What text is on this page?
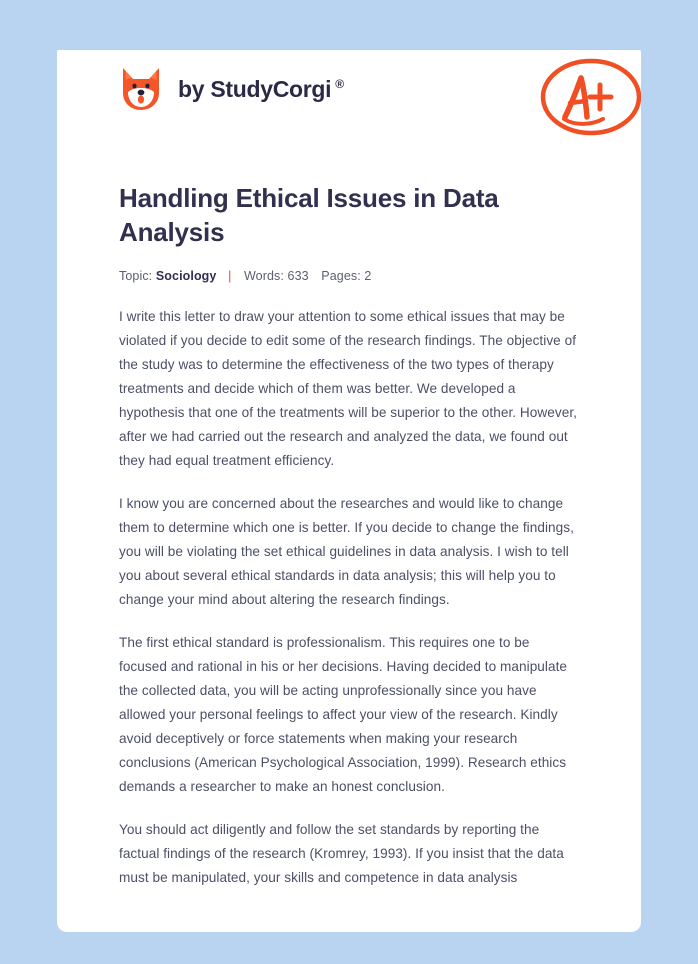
by StudyCorgi ®
Handling Ethical Issues in Data Analysis
Topic: Sociology | Words: 633 Pages: 2

I write this letter to draw your attention to some ethical issues that may be violated if you decide to edit some of the research findings. The objective of the study was to determine the effectiveness of the two types of therapy treatments and decide which of them was better. We developed a hypothesis that one of the treatments will be superior to the other. However, after we had carried out the research and analyzed the data, we found out they had equal treatment efficiency.

I know you are concerned about the researches and would like to change them to determine which one is better. If you decide to change the findings, you will be violating the set ethical guidelines in data analysis. I wish to tell you about several ethical standards in data analysis; this will help you to change your mind about altering the research findings.

The first ethical standard is professionalism. This requires one to be focused and rational in his or her decisions. Having decided to manipulate the collected data, you will be acting unprofessionally since you have allowed your personal feelings to affect your view of the research. Kindly avoid deceptively or force statements when making your research conclusions (American Psychological Association, 1999). Research ethics demands a researcher to make an honest conclusion.

You should act diligently and follow the set standards by reporting the factual findings of the research (Kromrey, 1993). If you insist that the data must be manipulated, your skills and competence in data analysis
